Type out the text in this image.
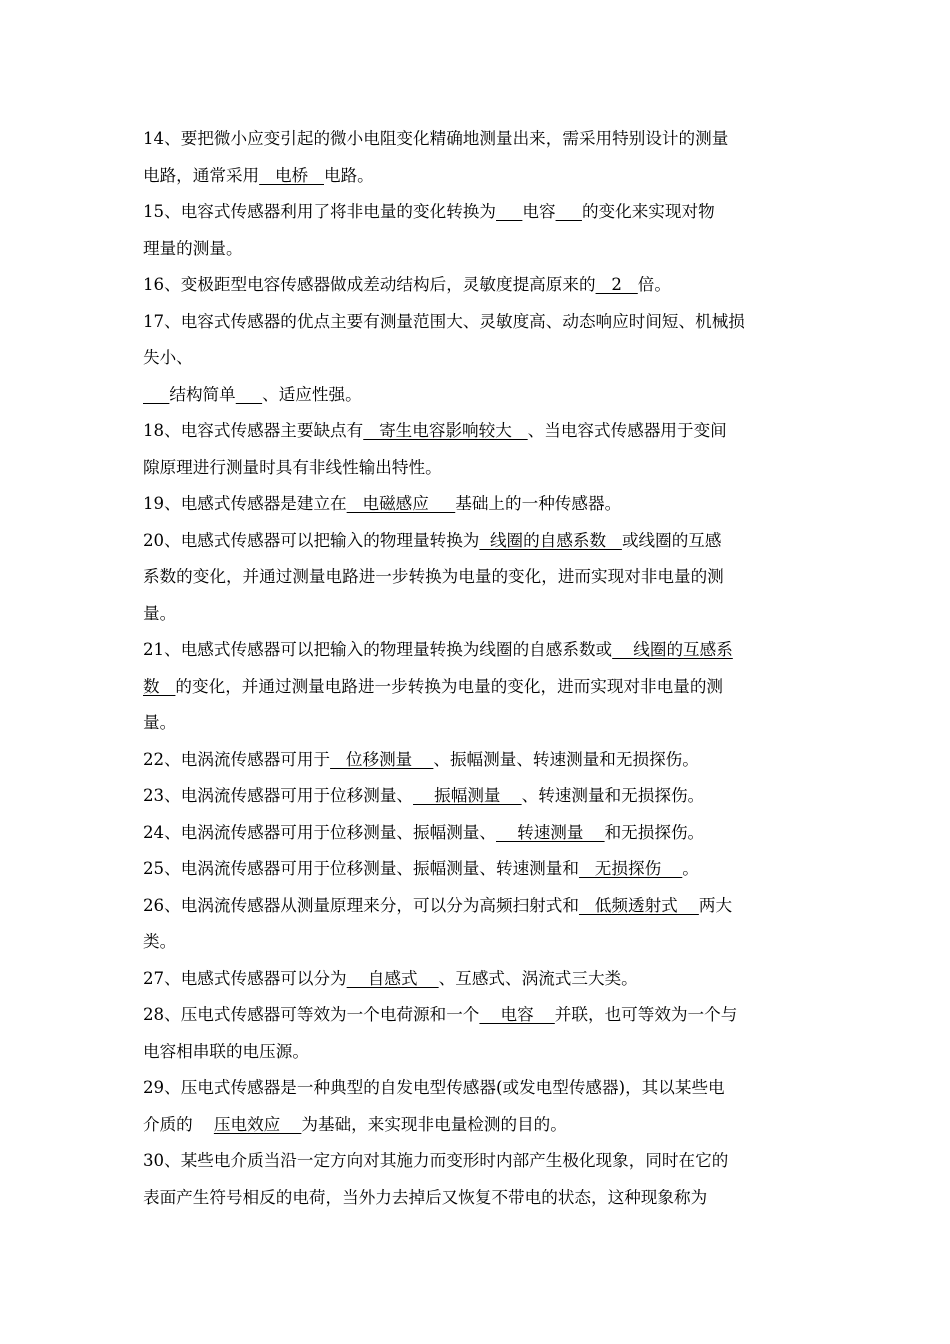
14、要把微小应变引起的微小电阻变化精确地测量出来，需采用特别设计的测量
电路，通常采用   电桥   电路。
15、电容式传感器利用了将非电量的变化转换为 电容 的变化来实现对物
理量的测量。
16、变极距型电容传感器做成差动结构后，灵敏度提高原来的   2   倍。
17、电容式传感器的优点主要有测量范围大、灵敏度高、动态响应时间短、机械损
失小、
结构简单 、适应性强。
18、电容式传感器主要缺点有   寄生电容影响较大   、当电容式传感器用于变间
隙原理进行测量时具有非线性输出特性。
19、电感式传感器是建立在   电磁感应     基础上的一种传感器。
20、电感式传感器可以把输入的物理量转换为  线圈的自感系数   或线圈的互感
系数的变化，并通过测量电路进一步转换为电量的变化，进而实现对非电量的测
量。
21、电感式传感器可以把输入的物理量转换为线圈的自感系数或    线圈的互感系
数   的变化，并通过测量电路进一步转换为电量的变化，进而实现对非电量的测
量。
22、电涡流传感器可用于   位移测量    、振幅测量、转速测量和无损探伤。
23、电涡流传感器可用于位移测量、    振幅测量    、转速测量和无损探伤。
24、电涡流传感器可用于位移测量、振幅测量、    转速测量    和无损探伤。
25、电涡流传感器可用于位移测量、振幅测量、转速测量和   无损探伤    。
26、电涡流传感器从测量原理来分，可以分为高频扫射式和   低频透射式    两大
类。
27、电感式传感器可以分为    自感式    、互感式、涡流式三大类。
28、压电式传感器可等效为一个电荷源和一个    电容    并联，也可等效为一个与
电容相串联的电压源。
29、压电式传感器是一种典型的自发电型传感器(或发电型传感器)，其以某些电
介质的    压电效应    为基础，来实现非电量检测的目的。
30、某些电介质当沿一定方向对其施力而变形时内部产生极化现象，同时在它的
表面产生符号相反的电荷，当外力去掉后又恢复不带电的状态，这种现象称为
